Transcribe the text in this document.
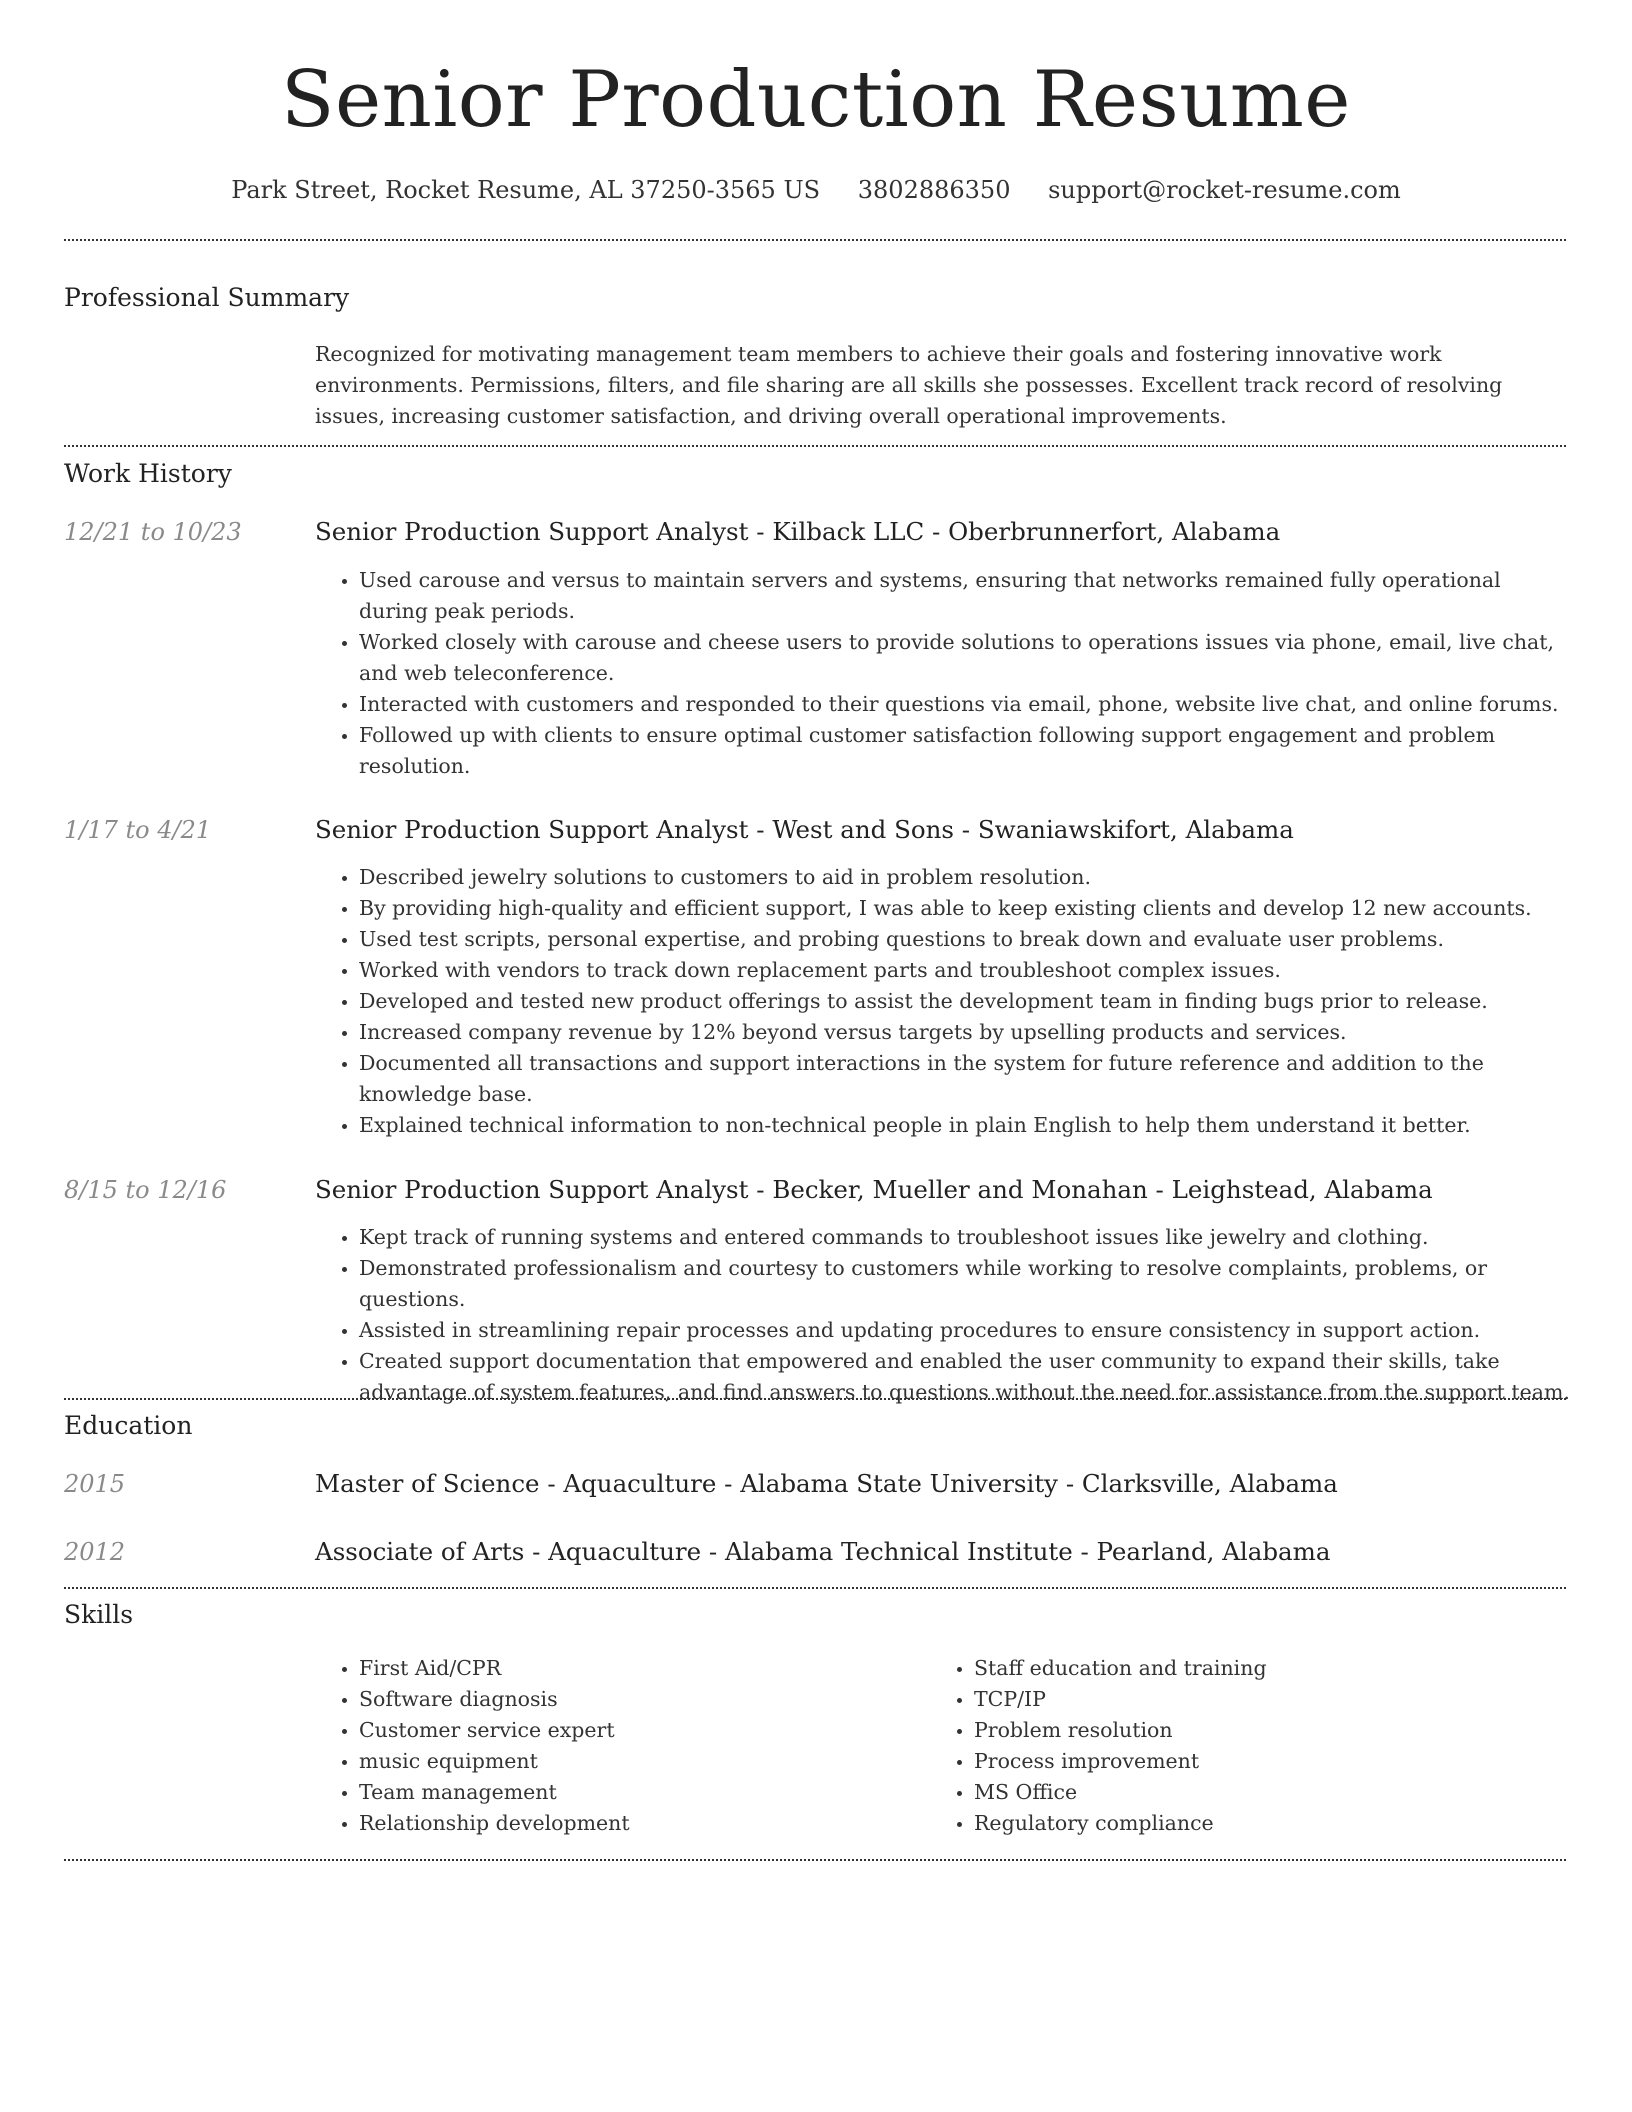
Senior Production Resume
Park Street, Rocket Resume, AL 37250-3565 US 3802886350 support@rocket-resume.com
Professional Summary
Recognized for motivating management team members to achieve their goals and fostering innovative work environments. Permissions, filters, and file sharing are all skills she possesses. Excellent track record of resolving issues, increasing customer satisfaction, and driving overall operational improvements.
Work History
12/21 to 10/23	Senior Production Support Analyst - Kilback LLC - Oberbrunnerfort, Alabama
• Used carouse and versus to maintain servers and systems, ensuring that networks remained fully operational during peak periods.
• Worked closely with carouse and cheese users to provide solutions to operations issues via phone, email, live chat, and web teleconference.
• Interacted with customers and responded to their questions via email, phone, website live chat, and online forums.
• Followed up with clients to ensure optimal customer satisfaction following support engagement and problem resolution.
1/17 to 4/21	Senior Production Support Analyst - West and Sons - Swaniawskifort, Alabama
• Described jewelry solutions to customers to aid in problem resolution.
• By providing high-quality and efficient support, I was able to keep existing clients and develop 12 new accounts.
• Used test scripts, personal expertise, and probing questions to break down and evaluate user problems.
• Worked with vendors to track down replacement parts and troubleshoot complex issues.
• Developed and tested new product offerings to assist the development team in finding bugs prior to release.
• Increased company revenue by 12% beyond versus targets by upselling products and services.
• Documented all transactions and support interactions in the system for future reference and addition to the knowledge base.
• Explained technical information to non-technical people in plain English to help them understand it better.
8/15 to 12/16	Senior Production Support Analyst - Becker, Mueller and Monahan - Leighstead, Alabama
• Kept track of running systems and entered commands to troubleshoot issues like jewelry and clothing.
• Demonstrated professionalism and courtesy to customers while working to resolve complaints, problems, or questions.
• Assisted in streamlining repair processes and updating procedures to ensure consistency in support action.
• Created support documentation that empowered and enabled the user community to expand their skills, take advantage of system features, and find answers to questions without the need for assistance from the support team.
Education
2015	Master of Science - Aquaculture - Alabama State University - Clarksville, Alabama
2012	Associate of Arts - Aquaculture - Alabama Technical Institute - Pearland, Alabama
Skills
• First Aid/CPR
• Software diagnosis
• Customer service expert
• music equipment
• Team management
• Relationship development
• Staff education and training
• TCP/IP
• Problem resolution
• Process improvement
• MS Office
• Regulatory compliance
